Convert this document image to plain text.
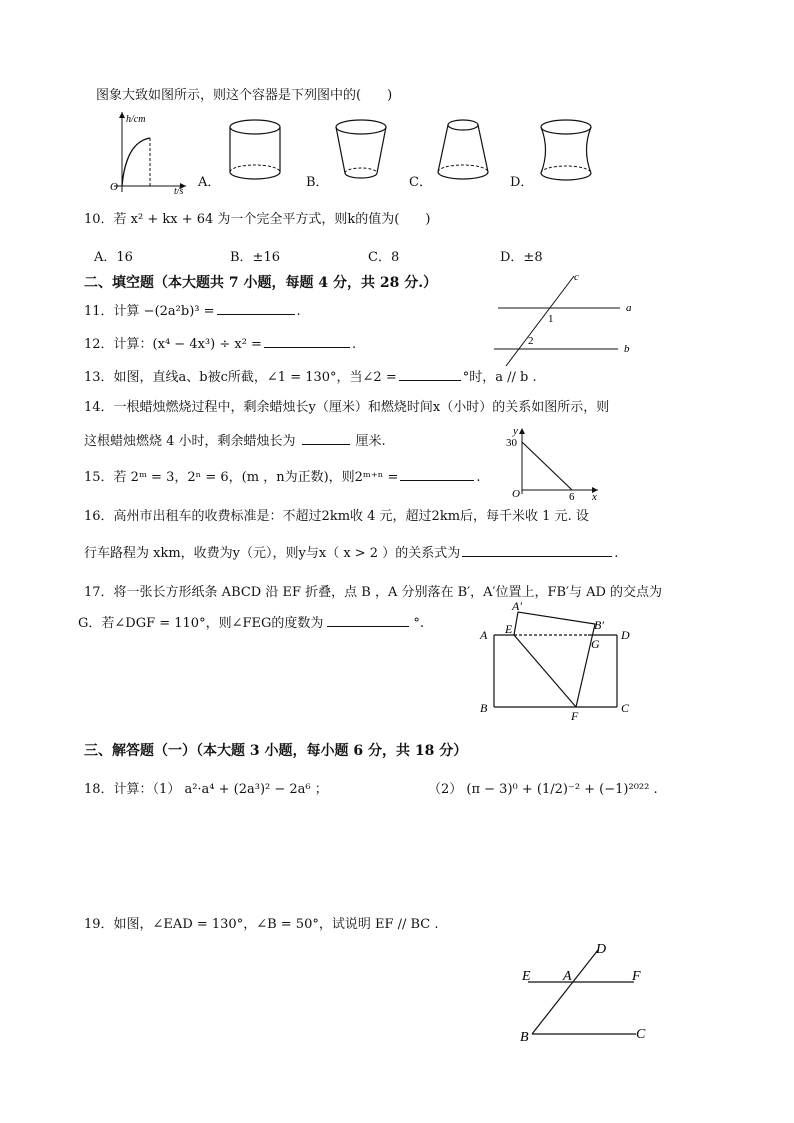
图象大致如图所示，则这个容器是下列图中的(　　)
h/cm
t/s
O	A．	B．	C．	D．
10．若 x² + kx + 64 为一个完全平方式，则k的值为(　　)
A．16	B．±16	C．8	D．±8
二、填空题（本大题共 7 小题，每题 4 分，共 28 分.）
11．计算 −(2a²b)³ =	.
12．计算：(x⁴ − 4x³) ÷ x² =	.
c
a
b
1
2
13．如图，直线a、b被c所截，∠1 = 130°，当∠2 =	°时，a // b .
14．一根蜡烛燃烧过程中，剩余蜡烛长y（厘米）和燃烧时间x（小时）的关系如图所示，则
这根蜡烛燃烧 4 小时，剩余蜡烛长为	厘米.
y
x
O
30
6
15．若 2ᵐ = 3，2ⁿ = 6，(m ，n为正数)，则2ᵐ⁺ⁿ =	.
16．高州市出租车的收费标准是：不超过2km收 4 元，超过2km后，每千米收 1 元. 设
行车路程为 xkm，收费为y（元），则y与x（ x > 2 ）的关系式为	.
17．将一张长方形纸条 ABCD 沿 EF 折叠，点 B ，A 分别落在 B′，A′位置上，FB′与 AD 的交点为
G．若∠DGF = 110°，则∠FEG的度数为	°.
A′
E	B′
A
G
D
B
F
C
三、解答题（一）（本大题 3 小题，每小题 6 分，共 18 分）
18．计算：（1） a²·a⁴ + (2a³)² − 2a⁶ ；	（2） (π − 3)⁰ + (1/2)⁻² + (−1)²⁰²² .
19．如图，∠EAD = 130°，∠B = 50°，试说明 EF // BC .
D
E A	F
B	C
